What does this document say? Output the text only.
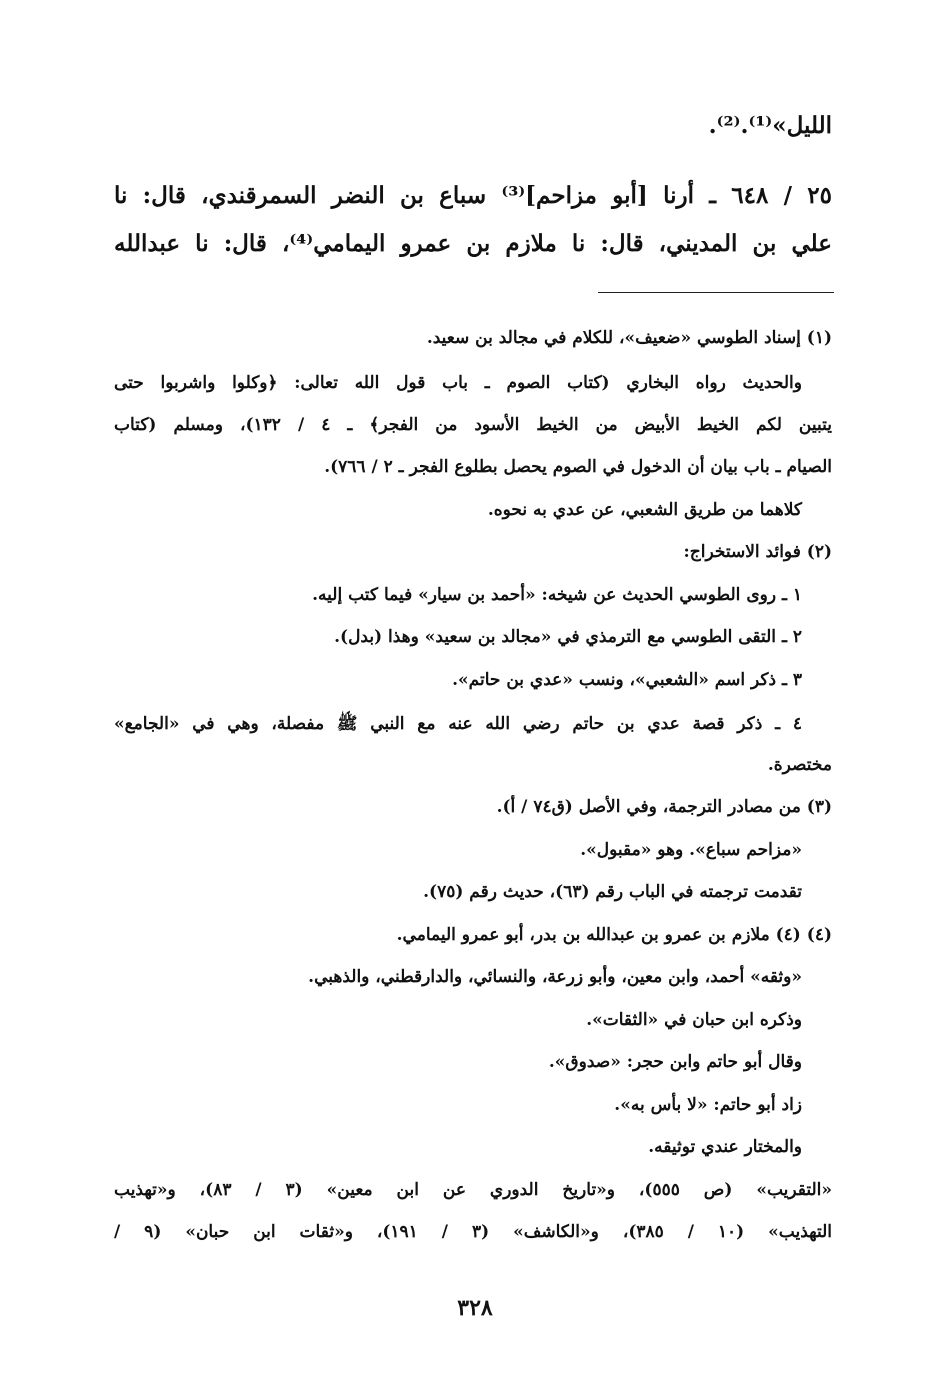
الليل»⁽¹⁾.⁽²⁾.
٢٥ / ٦٤٨ ـ أرنا [أبو مزاحم]⁽³⁾ سباع بن النضر السمرقندي، قال: نا
علي بن المديني، قال: نا ملازم بن عمرو اليمامي⁽⁴⁾، قال: نا عبدالله
(١) إسناد الطوسي «ضعيف»، للكلام في مجالد بن سعيد.
والحديث رواه البخاري (كتاب الصوم ـ باب قول الله تعالى: ﴿وكلوا واشربوا حتى
يتبين لكم الخيط الأبيض من الخيط الأسود من الفجر﴾ ـ ٤ / ١٣٢)، ومسلم (كتاب
الصيام ـ باب بيان أن الدخول في الصوم يحصل بطلوع الفجر ـ ٢ / ٧٦٦).
كلاهما من طريق الشعبي، عن عدي به نحوه.
(٢) فوائد الاستخراج:
١ ـ روى الطوسي الحديث عن شيخه: «أحمد بن سيار» فيما كتب إليه.
٢ ـ التقى الطوسي مع الترمذي في «مجالد بن سعيد» وهذا (بدل).
٣ ـ ذكر اسم «الشعبي»، ونسب «عدي بن حاتم».
٤ ـ ذكر قصة عدي بن حاتم رضي الله عنه مع النبي ﷺ مفصلة، وهي في «الجامع»
مختصرة.
(٣) من مصادر الترجمة، وفي الأصل (ق٧٤ / أ).
«مزاحم سباع». وهو «مقبول».
تقدمت ترجمته في الباب رقم (٦٣)، حديث رقم (٧٥).
(٤) (٤) ملازم بن عمرو بن عبدالله بن بدر، أبو عمرو اليمامي.
«وثقه» أحمد، وابن معين، وأبو زرعة، والنسائي، والدارقطني، والذهبي.
وذكره ابن حبان في «الثقات».
وقال أبو حاتم وابن حجر: «صدوق».
زاد أبو حاتم: «لا بأس به».
والمختار عندي توثيقه.
«التقريب» (ص ٥٥٥)، و«تاريخ الدوري عن ابن معين» (٣ / ٨٣)، و«تهذيب
التهذيب» (١٠ / ٣٨٥)، و«الكاشف» (٣ / ١٩١)، و«ثقات ابن حبان» (٩ /
٣٢٨
